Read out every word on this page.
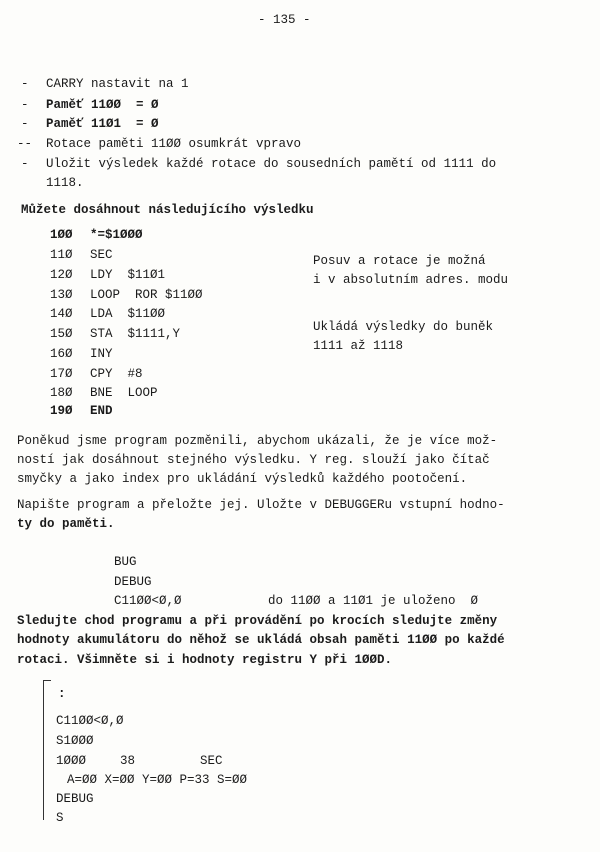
- 135 -
- CARRY nastavit na 1
- Paměť 11ØØ  = Ø
- Paměť 11Ø1  = Ø
-- Rotace paměti 11ØØ osumkrát vpravo
- Uložit výsledek každé rotace do sousedních pamětí od 1111 do
1118.
Můžete dosáhnout následujícího výsledku
1ØØ *=$1ØØØ
11Ø SEC
12Ø LDY  $11Ø1
13Ø LOOP  ROR $11ØØ
14Ø LDA  $11ØØ
15Ø STA  $1111,Y
16Ø INY
17Ø CPY  #8
18Ø BNE  LOOP
19Ø END
Posuv a rotace je možná
i v absolutním adres. modu
Ukládá výsledky do buněk
1111 až 1118
Poněkud jsme program pozměnili, abychom ukázali, že je více mož-
ností jak dosáhnout stejného výsledku. Y reg. slouží jako čítač
smyčky a jako index pro ukládání výsledků každého pootočení.
Napište program a přeložte jej. Uložte v DEBUGGERu vstupní hodno-
ty do paměti.
BUG
DEBUG
C11ØØ<Ø,Ø	do 11ØØ a 11Ø1 je uloženo  Ø
Sledujte chod programu a při provádění po krocích sledujte změny
hodnoty akumulátoru do něhož se ukládá obsah paměti 11ØØ po každé
rotaci. Všimněte si i hodnoty registru Y při 1ØØD.
:
C11ØØ<Ø,Ø
S1ØØØ
1ØØØ	38	SEC
A=ØØ X=ØØ Y=ØØ P=33 S=ØØ
DEBUG
S
